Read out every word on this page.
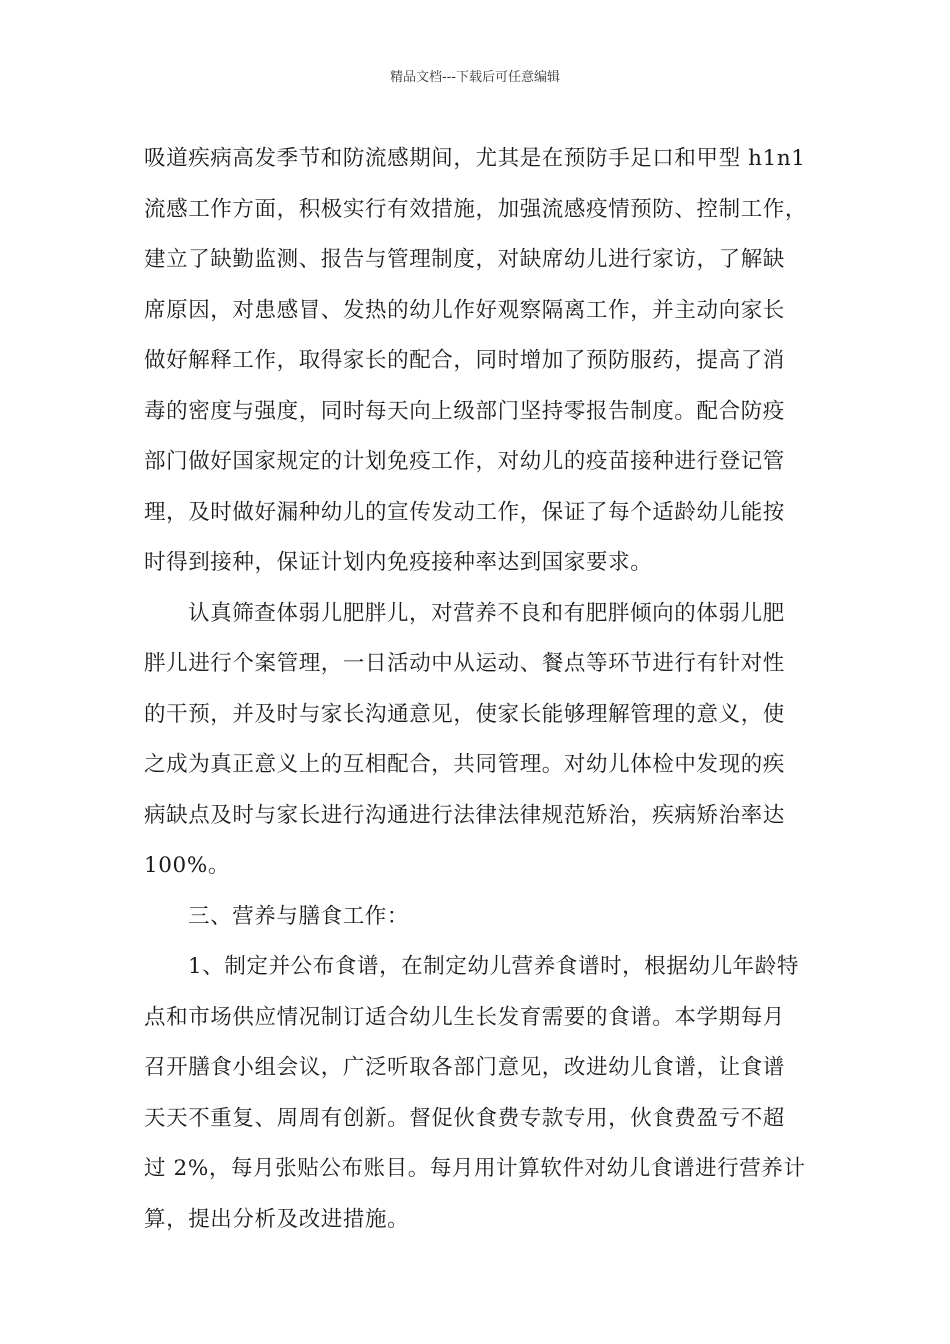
精品文档---下载后可任意编辑
吸道疾病高发季节和防流感期间，尤其是在预防手足口和甲型 h1n1
流感工作方面，积极实行有效措施，加强流感疫情预防、控制工作，
建立了缺勤监测、报告与管理制度，对缺席幼儿进行家访，了解缺
席原因，对患感冒、发热的幼儿作好观察隔离工作，并主动向家长
做好解释工作，取得家长的配合，同时增加了预防服药，提高了消
毒的密度与强度，同时每天向上级部门坚持零报告制度。配合防疫
部门做好国家规定的计划免疫工作，对幼儿的疫苗接种进行登记管
理，及时做好漏种幼儿的宣传发动工作，保证了每个适龄幼儿能按
时得到接种，保证计划内免疫接种率达到国家要求。
认真筛查体弱儿肥胖儿，对营养不良和有肥胖倾向的体弱儿肥
胖儿进行个案管理，一日活动中从运动、餐点等环节进行有针对性
的干预，并及时与家长沟通意见，使家长能够理解管理的意义，使
之成为真正意义上的互相配合，共同管理。对幼儿体检中发现的疾
病缺点及时与家长进行沟通进行法律法律规范矫治，疾病矫治率达
100%。
三、营养与膳食工作：
1、制定并公布食谱，在制定幼儿营养食谱时，根据幼儿年龄特
点和市场供应情况制订适合幼儿生长发育需要的食谱。本学期每月
召开膳食小组会议，广泛听取各部门意见，改进幼儿食谱，让食谱
天天不重复、周周有创新。督促伙食费专款专用，伙食费盈亏不超
过 2%，每月张贴公布账目。每月用计算软件对幼儿食谱进行营养计
算，提出分析及改进措施。
